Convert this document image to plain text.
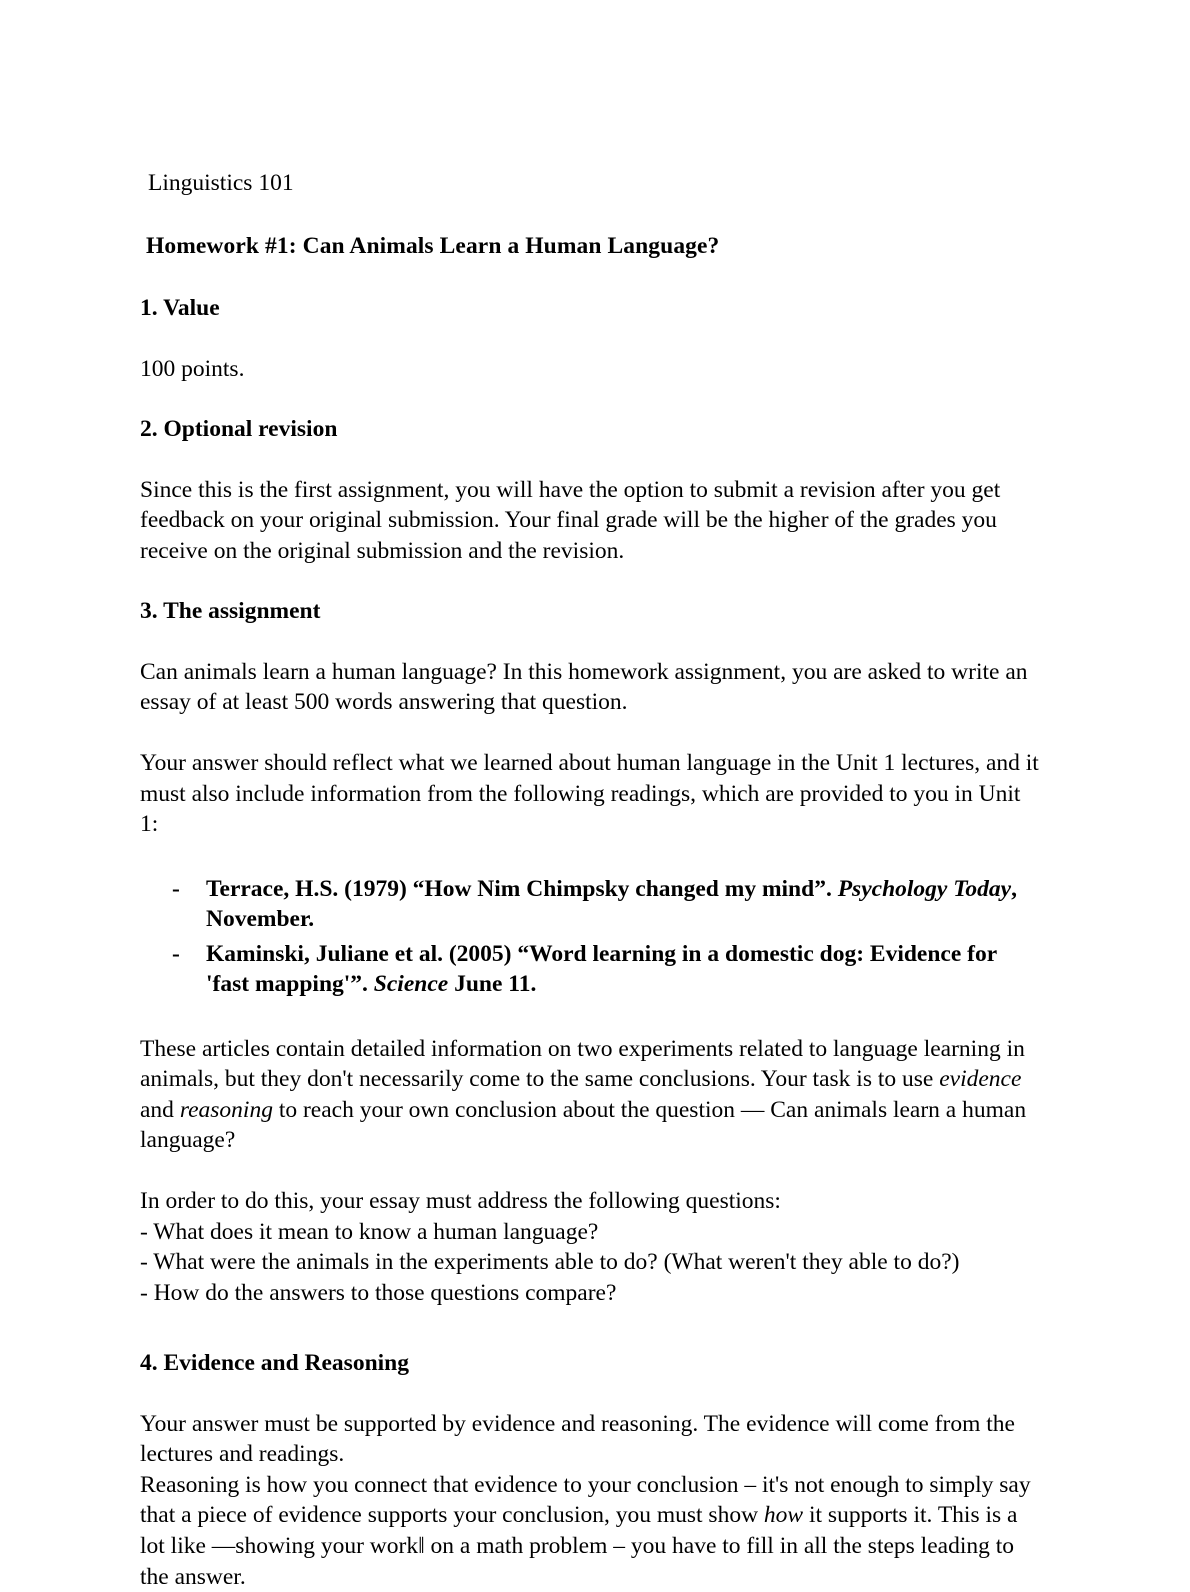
Linguistics 101
Homework #1: Can Animals Learn a Human Language?
1. Value
100 points.
2. Optional revision
Since this is the first assignment, you will have the option to submit a revision after you get feedback on your original submission. Your final grade will be the higher of the grades you receive on the original submission and the revision.
3. The assignment
Can animals learn a human language? In this homework assignment, you are asked to write an essay of at least 500 words answering that question.
Your answer should reflect what we learned about human language in the Unit 1 lectures, and it must also include information from the following readings, which are provided to you in Unit 1:
-	Terrace, H.S. (1979) “How Nim Chimpsky changed my mind”. Psychology Today, November.
-	Kaminski, Juliane et al. (2005) “Word learning in a domestic dog: Evidence for 'fast mapping'”. Science June 11.
These articles contain detailed information on two experiments related to language learning in animals, but they don't necessarily come to the same conclusions. Your task is to use evidence and reasoning to reach your own conclusion about the question — Can animals learn a human language?
In order to do this, your essay must address the following questions:
- What does it mean to know a human language?
- What were the animals in the experiments able to do? (What weren't they able to do?)
- How do the answers to those questions compare?
4. Evidence and Reasoning
Your answer must be supported by evidence and reasoning. The evidence will come from the lectures and readings.
Reasoning is how you connect that evidence to your conclusion – it's not enough to simply say that a piece of evidence supports your conclusion, you must show how it supports it. This is a lot like ―showing your work‖ on a math problem – you have to fill in all the steps leading to the answer.
